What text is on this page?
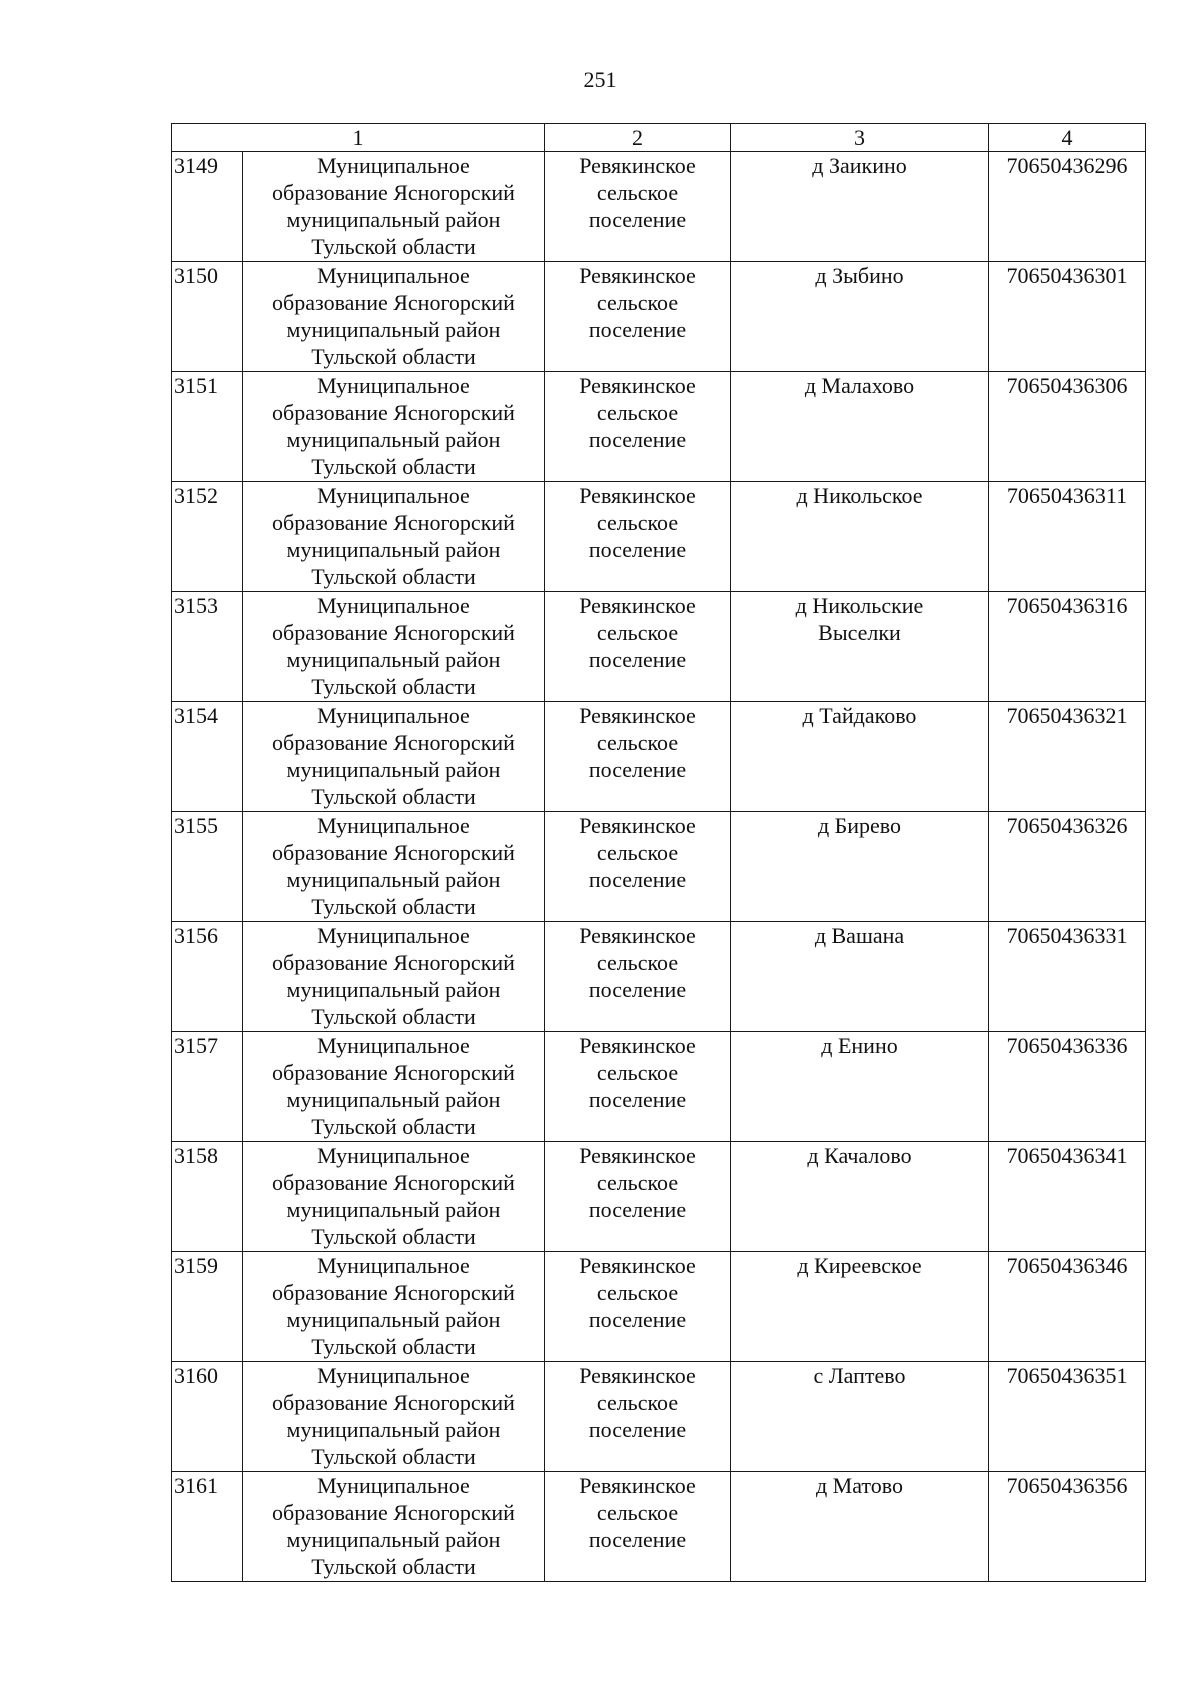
251
1		2	3	4
3149	Муниципальное
образование Ясногорский
муниципальный район
Тульской области	Ревякинское
сельское
поселение	д Заикино	70650436296
3150	Муниципальное
образование Ясногорский
муниципальный район
Тульской области	Ревякинское
сельское
поселение	д Зыбино	70650436301
3151	Муниципальное
образование Ясногорский
муниципальный район
Тульской области	Ревякинское
сельское
поселение	д Малахово	70650436306
3152	Муниципальное
образование Ясногорский
муниципальный район
Тульской области	Ревякинское
сельское
поселение	д Никольское	70650436311
3153	Муниципальное
образование Ясногорский
муниципальный район
Тульской области	Ревякинское
сельское
поселение	д Никольские
Выселки	70650436316
3154	Муниципальное
образование Ясногорский
муниципальный район
Тульской области	Ревякинское
сельское
поселение	д Тайдаково	70650436321
3155	Муниципальное
образование Ясногорский
муниципальный район
Тульской области	Ревякинское
сельское
поселение	д Бирево	70650436326
3156	Муниципальное
образование Ясногорский
муниципальный район
Тульской области	Ревякинское
сельское
поселение	д Вашана	70650436331
3157	Муниципальное
образование Ясногорский
муниципальный район
Тульской области	Ревякинское
сельское
поселение	д Енино	70650436336
3158	Муниципальное
образование Ясногорский
муниципальный район
Тульской области	Ревякинское
сельское
поселение	д Качалово	70650436341
3159	Муниципальное
образование Ясногорский
муниципальный район
Тульской области	Ревякинское
сельское
поселение	д Киреевское	70650436346
3160	Муниципальное
образование Ясногорский
муниципальный район
Тульской области	Ревякинское
сельское
поселение	с Лаптево	70650436351
3161	Муниципальное
образование Ясногорский
муниципальный район
Тульской области	Ревякинское
сельское
поселение	д Матово	70650436356
